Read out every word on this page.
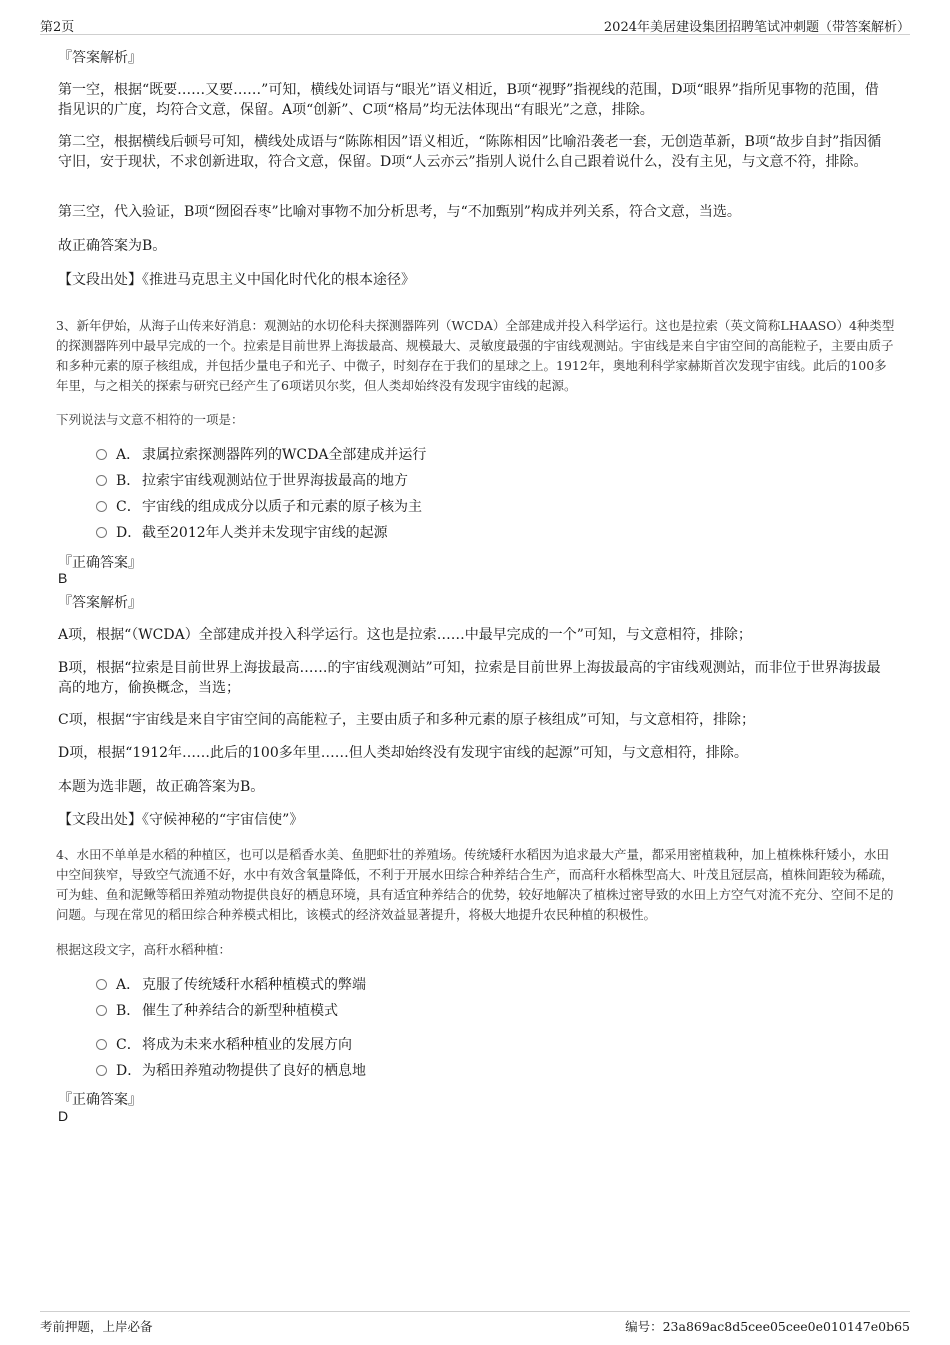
第2页	2024年美居建设集团招聘笔试冲刺题（带答案解析）
『答案解析』
第一空，根据“既要……又要……”可知，横线处词语与“眼光”语义相近，B项“视野”指视线的范围，D项“眼界”指所见事物的范围，借指见识的广度，均符合文意，保留。A项“创新”、C项“格局”均无法体现出“有眼光”之意，排除。
第二空，根据横线后顿号可知，横线处成语与“陈陈相因”语义相近，“陈陈相因”比喻沿袭老一套，无创造革新，B项“故步自封”指因循守旧，安于现状，不求创新进取，符合文意，保留。D项“人云亦云”指别人说什么自己跟着说什么，没有主见，与文意不符，排除。
第三空，代入验证，B项“囫囵吞枣”比喻对事物不加分析思考，与“不加甄别”构成并列关系，符合文意，当选。
故正确答案为B。
【文段出处】《推进马克思主义中国化时代化的根本途径》
3、新年伊始，从海子山传来好消息：观测站的水切伦科夫探测器阵列（WCDA）全部建成并投入科学运行。这也是拉索（英文简称LHAASO）4种类型的探测器阵列中最早完成的一个。拉索是目前世界上海拔最高、规模最大、灵敏度最强的宇宙线观测站。宇宙线是来自宇宙空间的高能粒子，主要由质子和多种元素的原子核组成，并包括少量电子和光子、中微子，时刻存在于我们的星球之上。1912年，奥地利科学家赫斯首次发现宇宙线。此后的100多年里，与之相关的探索与研究已经产生了6项诺贝尔奖，但人类却始终没有发现宇宙线的起源。
下列说法与文意不相符的一项是：
A． 隶属拉索探测器阵列的WCDA全部建成并运行
B． 拉索宇宙线观测站位于世界海拔最高的地方
C．宇宙线的组成成分以质子和元素的原子核为主
D．截至2012年人类并未发现宇宙线的起源
『正确答案』
B
『答案解析』
A项，根据“（WCDA）全部建成并投入科学运行。这也是拉索……中最早完成的一个”可知，与文意相符，排除；
B项，根据“拉索是目前世界上海拔最高……的宇宙线观测站”可知，拉索是目前世界上海拔最高的宇宙线观测站，而非位于世界海拔最高的地方，偷换概念，当选；
C项，根据“宇宙线是来自宇宙空间的高能粒子，主要由质子和多种元素的原子核组成”可知，与文意相符，排除；
D项，根据“1912年……此后的100多年里……但人类却始终没有发现宇宙线的起源”可知，与文意相符，排除。
本题为选非题，故正确答案为B。
【文段出处】《守候神秘的“宇宙信使”》
4、水田不单单是水稻的种植区，也可以是稻香水美、鱼肥虾壮的养殖场。传统矮秆水稻因为追求最大产量，都采用密植栽种，加上植株株秆矮小，水田中空间狭窄，导致空气流通不好，水中有效含氧量降低，不利于开展水田综合种养结合生产，而高秆水稻株型高大、叶茂且冠层高，植株间距较为稀疏，可为蛙、鱼和泥鳅等稻田养殖动物提供良好的栖息环境，具有适宜种养结合的优势，较好地解决了植株过密导致的水田上方空气对流不充分、空间不足的问题。与现在常见的稻田综合种养模式相比，该模式的经济效益显著提升，将极大地提升农民种植的积极性。
根据这段文字，高秆水稻种植：
A． 克服了传统矮秆水稻种植模式的弊端
B． 催生了种养结合的新型种植模式
C．将成为未来水稻种植业的发展方向
D．为稻田养殖动物提供了良好的栖息地
『正确答案』
D
考前押题，上岸必备	编号：23a869ac8d5cee05cee0e010147e0b65
